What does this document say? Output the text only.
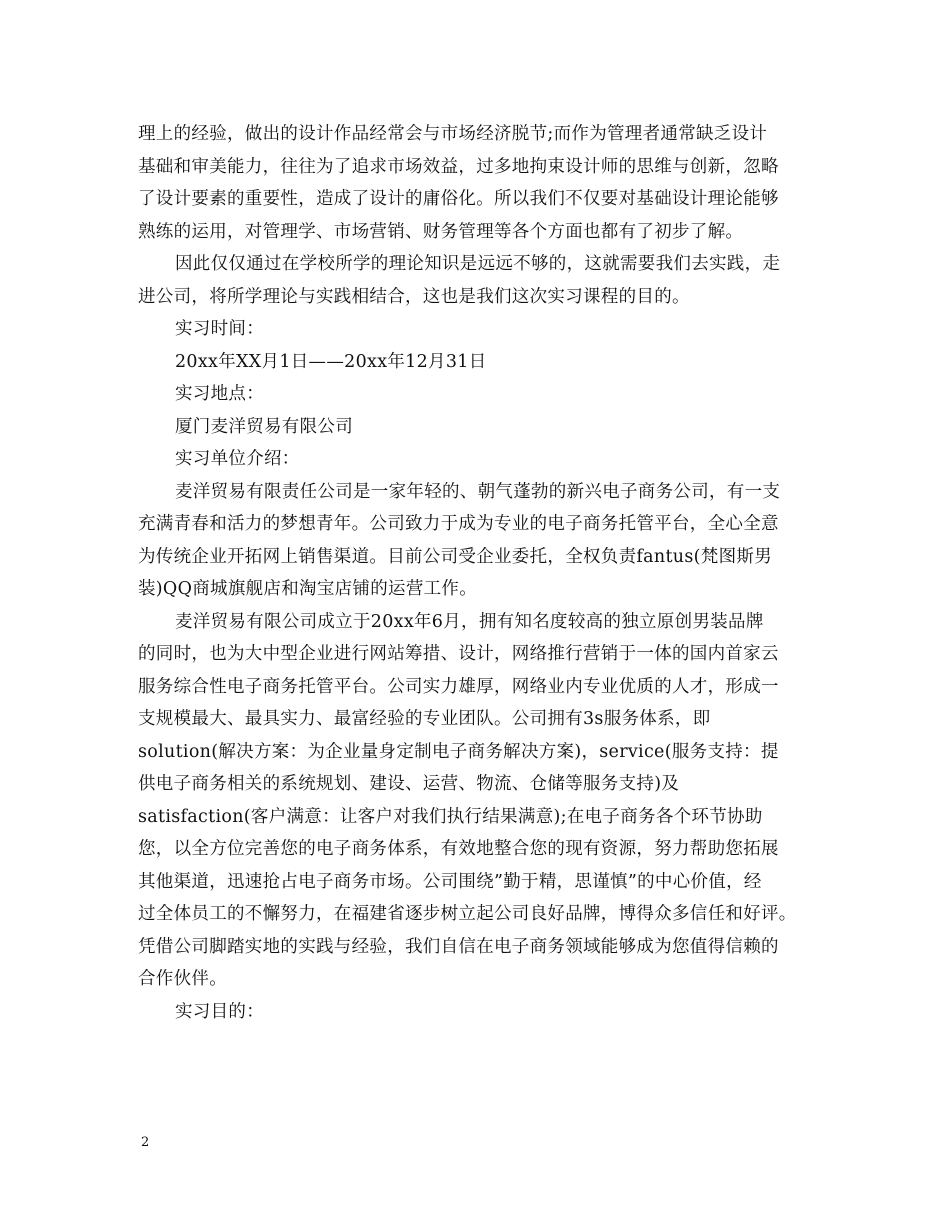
理上的经验，做出的设计作品经常会与市场经济脱节;而作为管理者通常缺乏设计
基础和审美能力，往往为了追求市场效益，过多地拘束设计师的思维与创新，忽略
了设计要素的重要性，造成了设计的庸俗化。所以我们不仅要对基础设计理论能够
熟练的运用，对管理学、市场营销、财务管理等各个方面也都有了初步了解。
因此仅仅通过在学校所学的理论知识是远远不够的，这就需要我们去实践，走
进公司，将所学理论与实践相结合，这也是我们这次实习课程的目的。
实习时间：
20xx年XX月1日——20xx年12月31日
实习地点：
厦门麦洋贸易有限公司
实习单位介绍：
麦洋贸易有限责任公司是一家年轻的、朝气蓬勃的新兴电子商务公司，有一支
充满青春和活力的梦想青年。公司致力于成为专业的电子商务托管平台，全心全意
为传统企业开拓网上销售渠道。目前公司受企业委托，全权负责fantus(梵图斯男
装)QQ商城旗舰店和淘宝店铺的运营工作。
麦洋贸易有限公司成立于20xx年6月，拥有知名度较高的独立原创男装品牌
的同时，也为大中型企业进行网站筹措、设计，网络推行营销于一体的国内首家云
服务综合性电子商务托管平台。公司实力雄厚，网络业内专业优质的人才，形成一
支规模最大、最具实力、最富经验的专业团队。公司拥有3s服务体系，即
solution(解决方案：为企业量身定制电子商务解决方案)，service(服务支持：提
供电子商务相关的系统规划、建设、运营、物流、仓储等服务支持)及
satisfaction(客户满意：让客户对我们执行结果满意);在电子商务各个环节协助
您，以全方位完善您的电子商务体系，有效地整合您的现有资源，努力帮助您拓展
其他渠道，迅速抢占电子商务市场。公司围绕”勤于精，思谨慎”的中心价值，经
过全体员工的不懈努力，在福建省逐步树立起公司良好品牌，博得众多信任和好评。
凭借公司脚踏实地的实践与经验，我们自信在电子商务领域能够成为您值得信赖的
合作伙伴。
实习目的：
2
